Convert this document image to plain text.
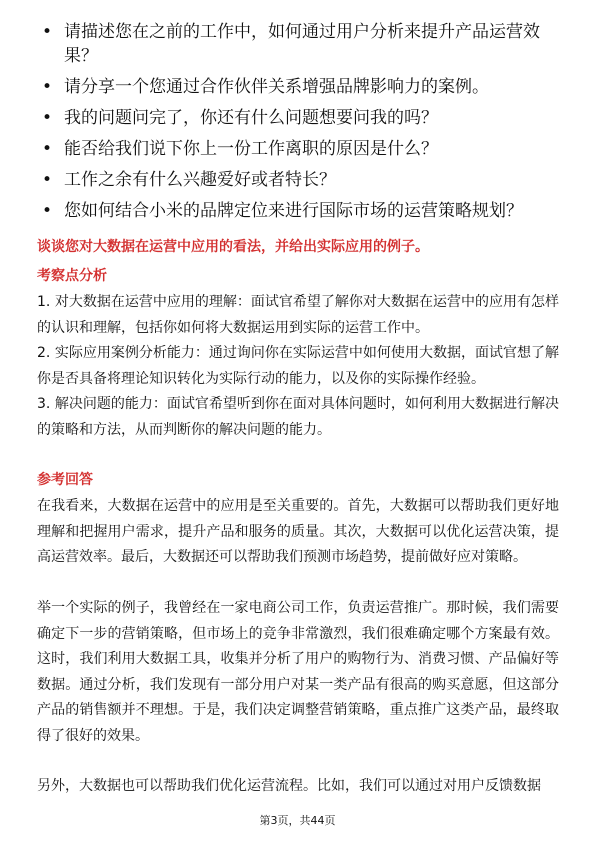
• 请描述您在之前的工作中，如何通过用户分析来提升产品运营效果？
• 请分享一个您通过合作伙伴关系增强品牌影响力的案例。
• 我的问题问完了，你还有什么问题想要问我的吗？
• 能否给我们说下你上一份工作离职的原因是什么？
• 工作之余有什么兴趣爱好或者特长？
• 您如何结合小米的品牌定位来进行国际市场的运营策略规划？

谈谈您对大数据在运营中应用的看法，并给出实际应用的例子。

考察点分析

1. 对大数据在运营中应用的理解：面试官希望了解你对大数据在运营中的应用有怎样的认识和理解，包括你如何将大数据运用到实际的运营工作中。

2. 实际应用案例分析能力：通过询问你在实际运营中如何使用大数据，面试官想了解你是否具备将理论知识转化为实际行动的能力，以及你的实际操作经验。

3. 解决问题的能力：面试官希望听到你在面对具体问题时，如何利用大数据进行解决的策略和方法，从而判断你的解决问题的能力。

参考回答

在我看来，大数据在运营中的应用是至关重要的。首先，大数据可以帮助我们更好地理解和把握用户需求，提升产品和服务的质量。其次，大数据可以优化运营决策，提高运营效率。最后，大数据还可以帮助我们预测市场趋势，提前做好应对策略。

举一个实际的例子，我曾经在一家电商公司工作，负责运营推广。那时候，我们需要确定下一步的营销策略，但市场上的竞争非常激烈，我们很难确定哪个方案最有效。这时，我们利用大数据工具，收集并分析了用户的购物行为、消费习惯、产品偏好等数据。通过分析，我们发现有一部分用户对某一类产品有很高的购买意愿，但这部分产品的销售额并不理想。于是，我们决定调整营销策略，重点推广这类产品，最终取得了很好的效果。

另外，大数据也可以帮助我们优化运营流程。比如，我们可以通过对用户反馈数据

第3页，共44页
